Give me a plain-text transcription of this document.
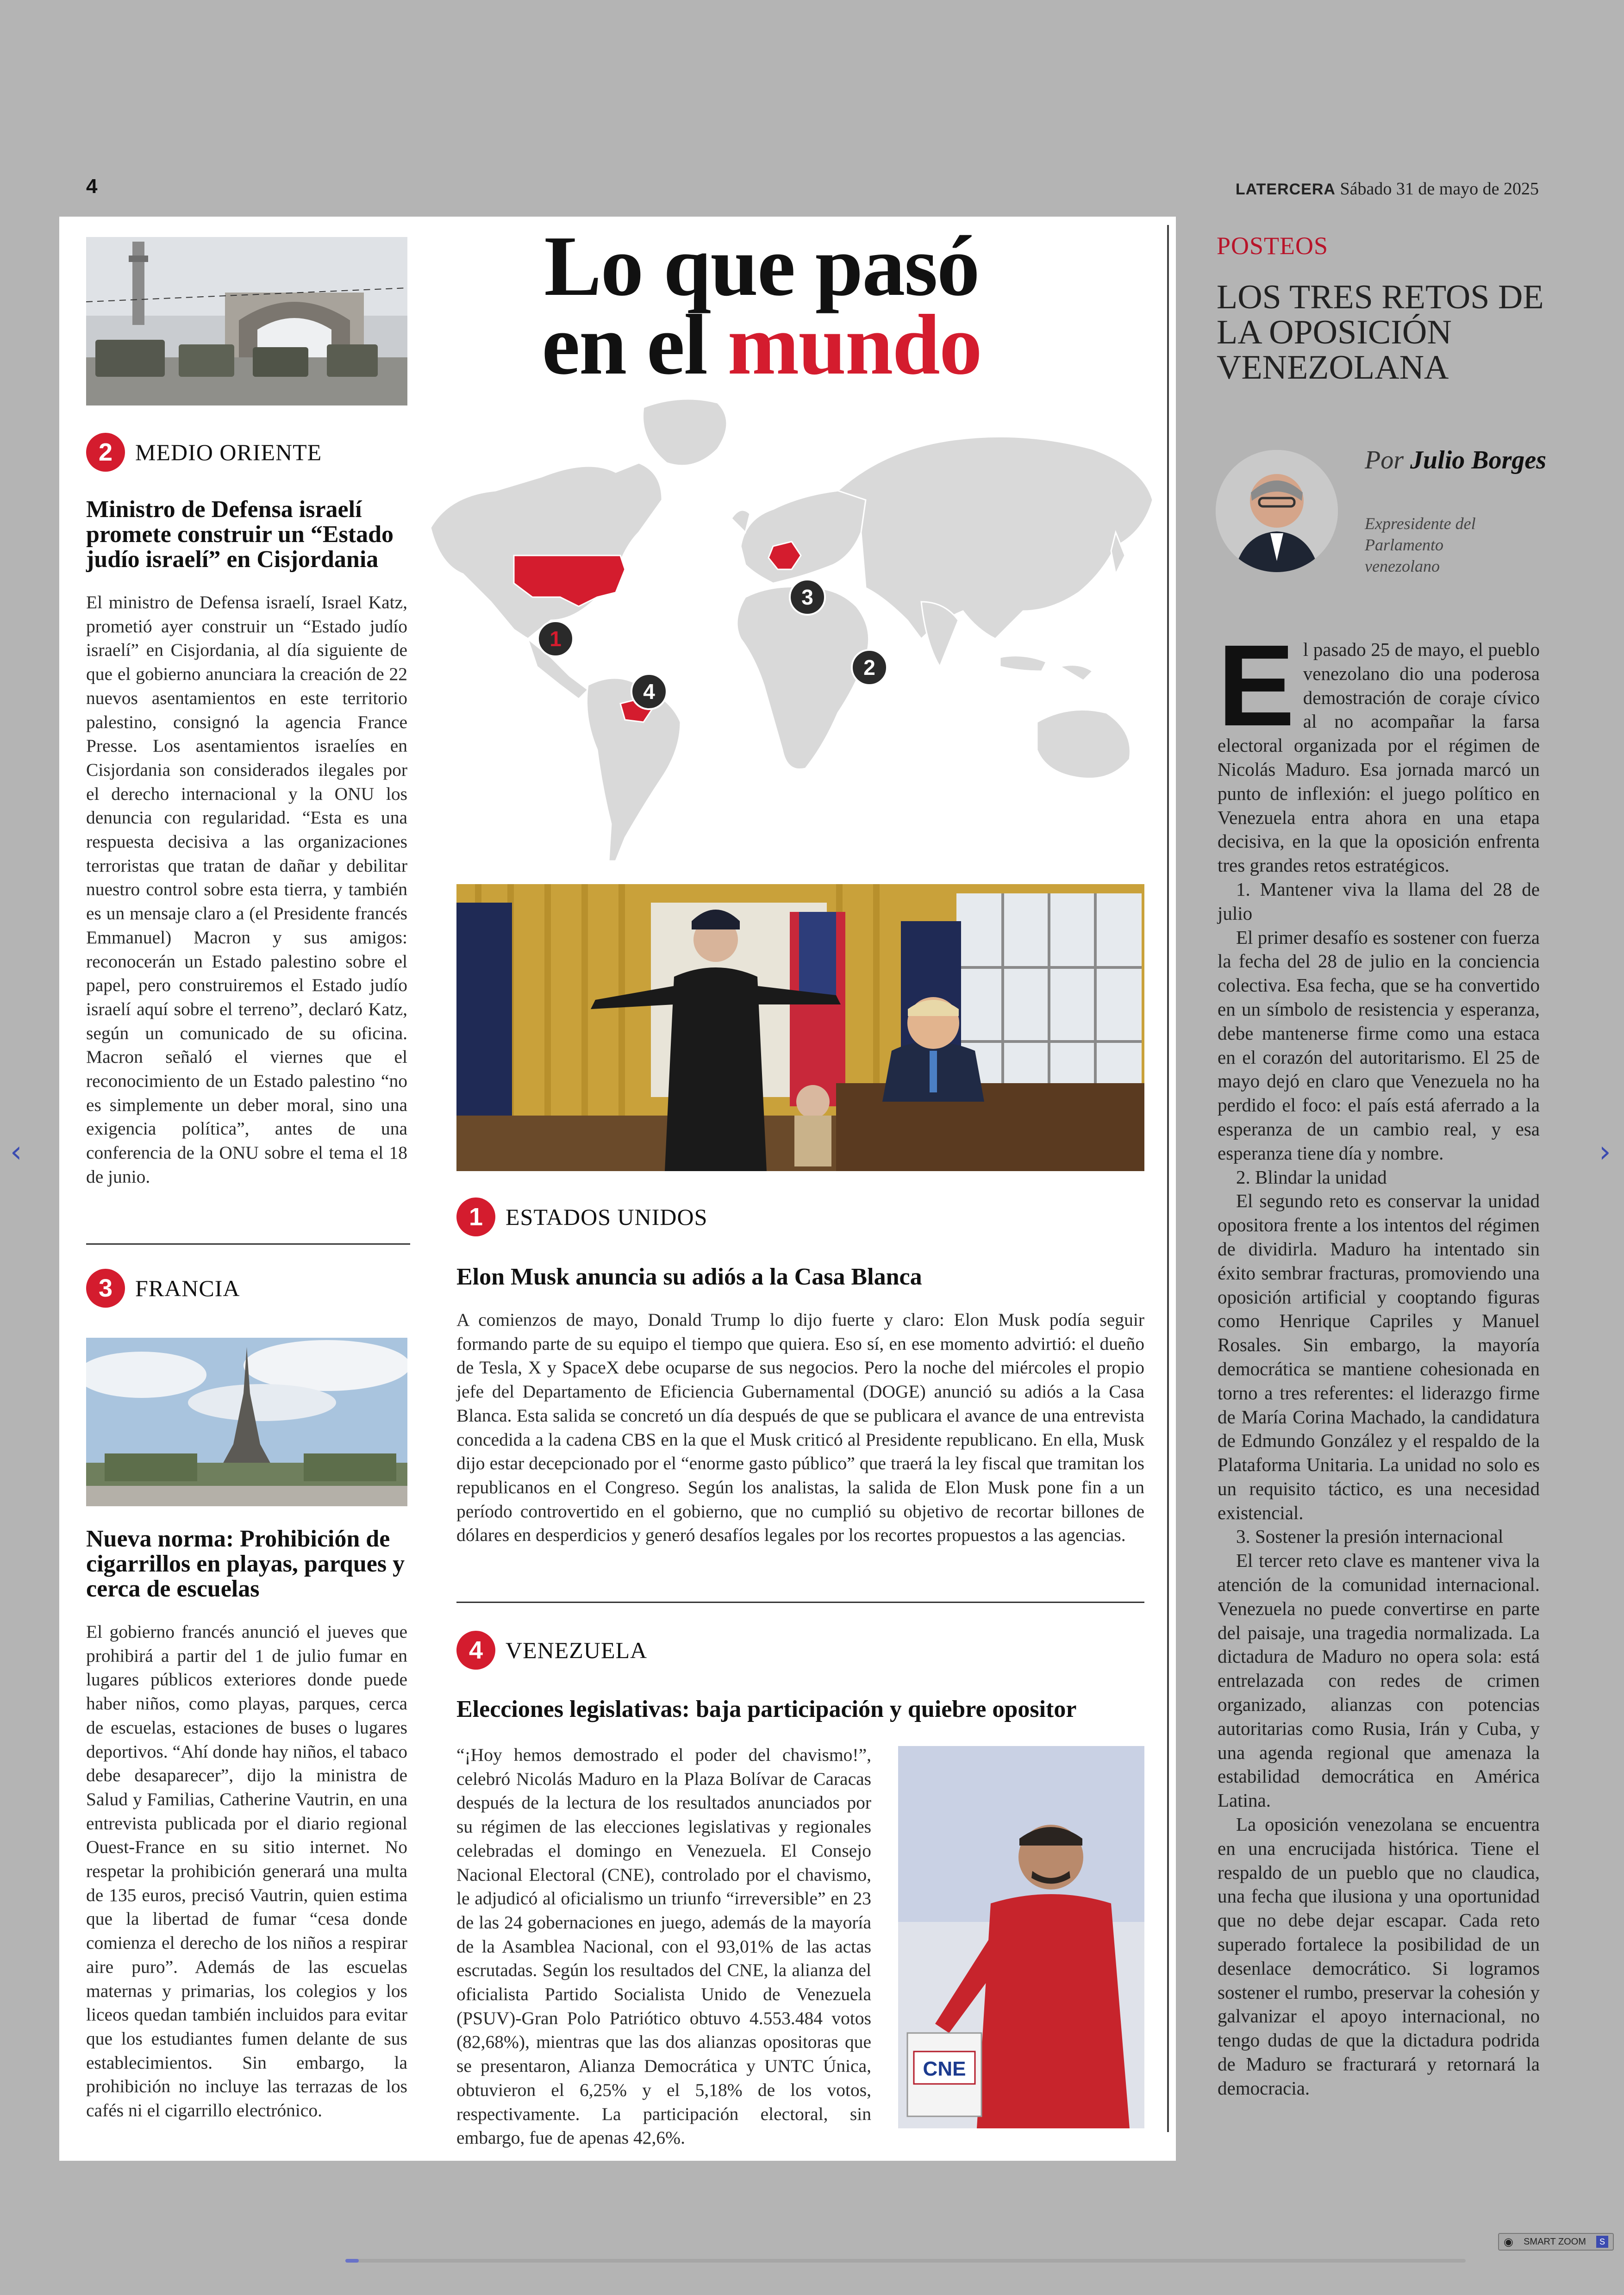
4	LATERCERA Sábado 31 de mayo de 2025
2 MEDIO ORIENTE
Ministro de Defensa israelí promete construir un “Estado judío israelí” en Cisjordania
El ministro de Defensa israelí, Israel Katz, prometió ayer construir un “Estado judío israelí” en Cisjordania, al día siguiente de que el gobierno anunciara la creación de 22 nuevos asentamientos en este territorio palestino, consignó la agencia France Presse. Los asentamientos israelíes en Cisjordania son considerados ilegales por el derecho internacional y la ONU los denuncia con regularidad. “Esta es una respuesta decisiva a las organizaciones terroristas que tratan de dañar y debilitar nuestro control sobre esta tierra, y también es un mensaje claro a (el Presidente francés Emmanuel) Macron y sus amigos: reconocerán un Estado palestino sobre el papel, pero construiremos el Estado judío israelí aquí sobre el terreno”, declaró Katz, según un comunicado de su oficina. Macron señaló el viernes que el reconocimiento de un Estado palestino “no es simplemente un deber moral, sino una exigencia política”, antes de una conferencia de la ONU sobre el tema el 18 de junio.
3 FRANCIA
Nueva norma: Prohibición de cigarrillos en playas, parques y cerca de escuelas
El gobierno francés anunció el jueves que prohibirá a partir del 1 de julio fumar en lugares públicos exteriores donde puede haber niños, como playas, parques, cerca de escuelas, estaciones de buses o lugares deportivos. “Ahí donde hay niños, el tabaco debe desaparecer”, dijo la ministra de Salud y Familias, Catherine Vautrin, en una entrevista publicada por el diario regional Ouest-France en su sitio internet. No respetar la prohibición generará una multa de 135 euros, precisó Vautrin, quien estima que la libertad de fumar “cesa donde comienza el derecho de los niños a respirar aire puro”. Además de las escuelas maternas y primarias, los colegios y los liceos quedan también incluidos para evitar que los estudiantes fumen delante de sus establecimientos. Sin embargo, la prohibición no incluye las terrazas de los cafés ni el cigarrillo electrónico.
Lo que pasó
en el mundo
1
2
3
4
1 ESTADOS UNIDOS
Elon Musk anuncia su adiós a la Casa Blanca
A comienzos de mayo, Donald Trump lo dijo fuerte y claro: Elon Musk podía seguir formando parte de su equipo el tiempo que quiera. Eso sí, en ese momento advirtió: el dueño de Tesla, X y SpaceX debe ocuparse de sus negocios. Pero la noche del miércoles el propio jefe del Departamento de Eficiencia Gubernamental (DOGE) anunció su adiós a la Casa Blanca. Esta salida se concretó un día después de que se publicara el avance de una entrevista concedida a la cadena CBS en la que el Musk criticó al Presidente republicano. En ella, Musk dijo estar decepcionado por el “enorme gasto público” que traerá la ley fiscal que tramitan los republicanos en el Congreso. Según los analistas, la salida de Elon Musk pone fin a un período controvertido en el gobierno, que no cumplió su objetivo de recortar billones de dólares en desperdicios y generó desafíos legales por los recortes propuestos a las agencias.
4 VENEZUELA
Elecciones legislativas: baja participación y quiebre opositor
“¡Hoy hemos demostrado el poder del chavismo!”, celebró Nicolás Maduro en la Plaza Bolívar de Caracas después de la lectura de los resultados anunciados por su régimen de las elecciones legislativas y regionales celebradas el domingo en Venezuela. El Consejo Nacional Electoral (CNE), controlado por el chavismo, le adjudicó al oficialismo un triunfo “irreversible” en 23 de las 24 gobernaciones en juego, además de la mayoría de la Asamblea Nacional, con el 93,01% de las actas escrutadas. Según los resultados del CNE, la alianza del oficialista Partido Socialista Unido de Venezuela (PSUV)-Gran Polo Patriótico obtuvo 4.553.484 votos (82,68%), mientras que las dos alianzas opositoras que se presentaron, Alianza Democrática y UNTC Única, obtuvieron el 6,25% y el 5,18% de los votos, respectivamente. La participación electoral, sin embargo, fue de apenas 42,6%.
CNE
POSTEOS
LOS TRES RETOS DE LA OPOSICIÓN VENEZOLANA
Por Julio Borges
Expresidente del Parlamento venezolano
E l pasado 25 de mayo, el pueblo venezolano dio una poderosa demostración de coraje cívico al no acompañar la farsa electoral organizada por el régimen de Nicolás Maduro. Esa jornada marcó un punto de inflexión: el juego político en Venezuela entra ahora en una etapa decisiva, en la que la oposición enfrenta tres grandes retos estratégicos.

1. Mantener viva la llama del 28 de julio

El primer desafío es sostener con fuerza la fecha del 28 de julio en la conciencia colectiva. Esa fecha, que se ha convertido en un símbolo de resistencia y esperanza, debe mantenerse firme como una estaca en el corazón del autoritarismo. El 25 de mayo dejó en claro que Venezuela no ha perdido el foco: el país está aferrado a la esperanza de un cambio real, y esa esperanza tiene día y nombre.

2. Blindar la unidad

El segundo reto es conservar la unidad opositora frente a los intentos del régimen de dividirla. Maduro ha intentado sin éxito sembrar fracturas, promoviendo una oposición artificial y cooptando figuras como Henrique Capriles y Manuel Rosales. Sin embargo, la mayoría democrática se mantiene cohesionada en torno a tres referentes: el liderazgo firme de María Corina Machado, la candidatura de Edmundo González y el respaldo de la Plataforma Unitaria. La unidad no solo es un requisito táctico, es una necesidad existencial.

3. Sostener la presión internacional

El tercer reto clave es mantener viva la atención de la comunidad internacional. Venezuela no puede convertirse en parte del paisaje, una tragedia normalizada. La dictadura de Maduro no opera sola: está entrelazada con redes de crimen organizado, alianzas con potencias autoritarias como Rusia, Irán y Cuba, y una agenda regional que amenaza la estabilidad democrática en América Latina.

La oposición venezolana se encuentra en una encrucijada histórica. Tiene el respaldo de un pueblo que no claudica, una fecha que ilusiona y una oportunidad que no debe dejar escapar. Cada reto superado fortalece la posibilidad de un desenlace democrático. Si logramos sostener el rumbo, preservar la cohesión y galvanizar el apoyo internacional, no tengo dudas de que la dictadura podrida de Maduro se fracturará y retornará la democracia.

‹	›
◉ SMART ZOOM	S
